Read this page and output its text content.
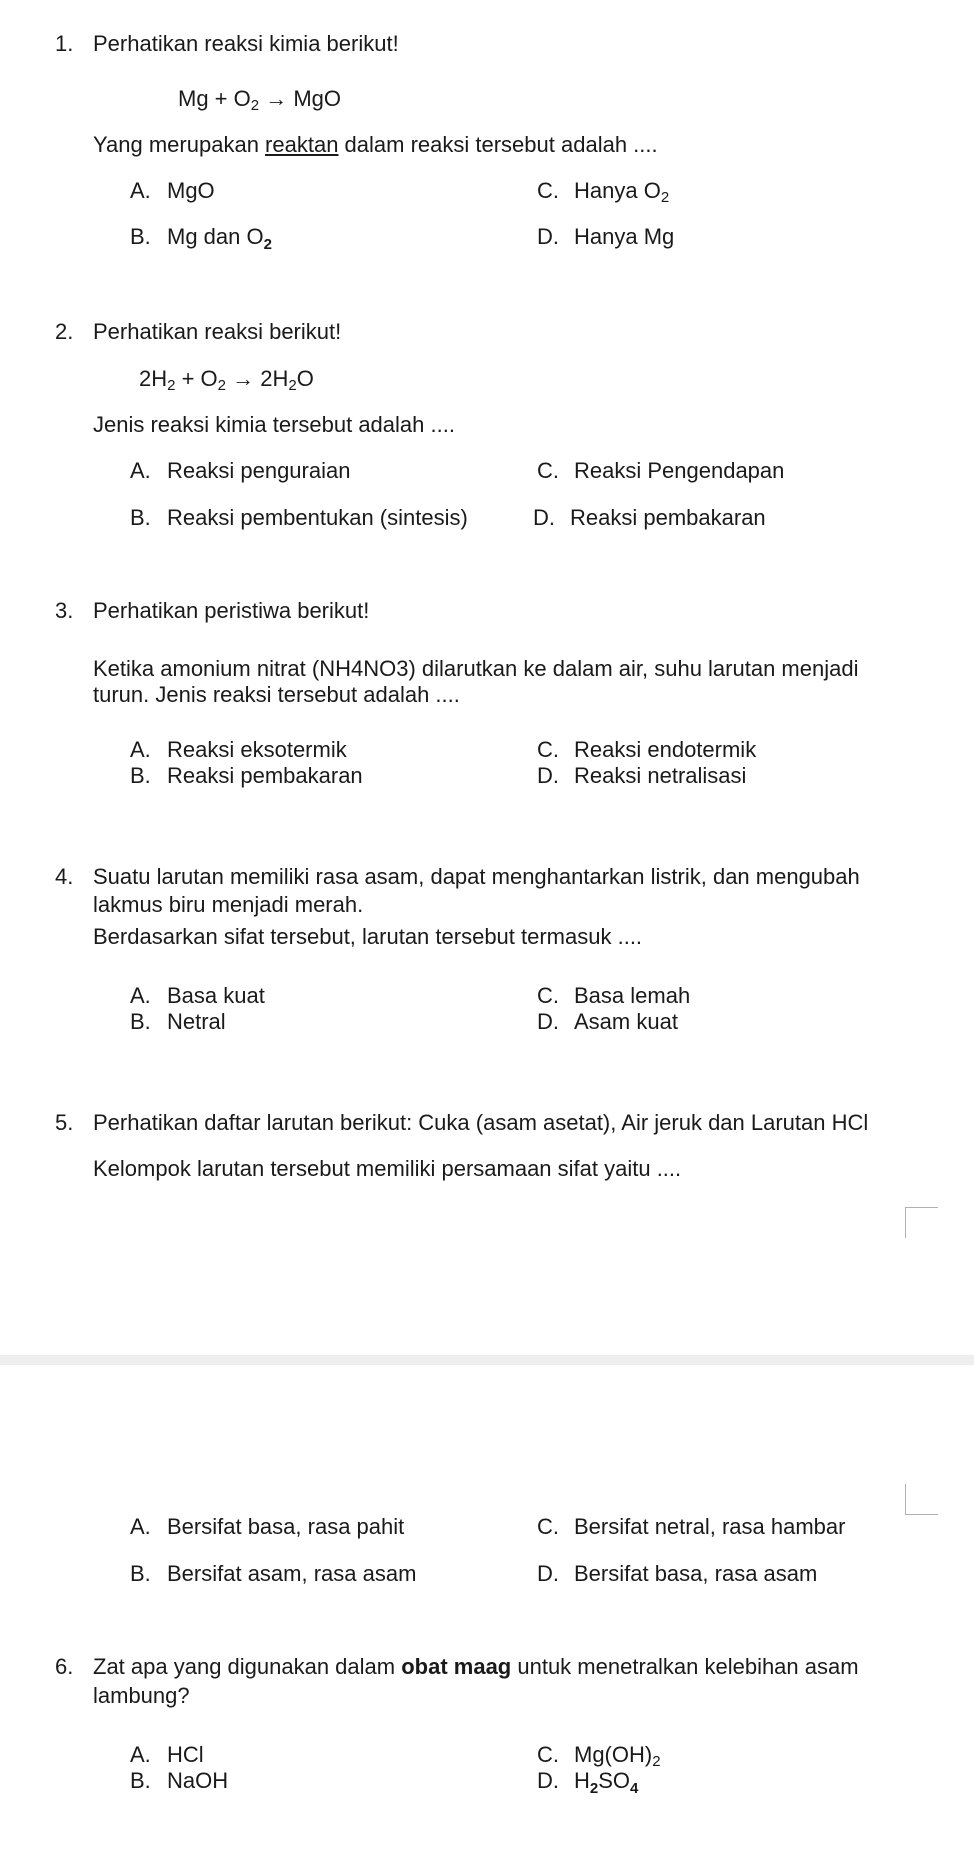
1. Perhatikan reaksi kimia berikut!
$Mg + O_2$ → MgO
Yang merupakan reaktan dalam reaksi tersebut adalah ....
A. MgO	C. Hanya $O_2$
B. Mg dan $O_2$	D. Hanya Mg
2. Perhatikan reaksi berikut!
$2H_2 + O_2 \to 2H_2O$
Jenis reaksi kimia tersebut adalah ....
A. Reaksi penguraian	C. Reaksi Pengendapan
B. Reaksi pembentukan (sintesis)	D. Reaksi pembakaran
3. Perhatikan peristiwa berikut!
Ketika amonium nitrat (NH4NO3) dilarutkan ke dalam air, suhu larutan menjadi
turun. Jenis reaksi tersebut adalah ....
A. Reaksi eksotermik	C. Reaksi endotermik
B. Reaksi pembakaran	D. Reaksi netralisasi
4. Suatu larutan memiliki rasa asam, dapat menghantarkan listrik, dan mengubah
lakmus biru menjadi merah.
Berdasarkan sifat tersebut, larutan tersebut termasuk ....
A. Basa kuat	C. Basa lemah
B. Netral	D. Asam kuat
5. Perhatikan daftar larutan berikut: Cuka (asam asetat), Air jeruk dan Larutan HCl
Kelompok larutan tersebut memiliki persamaan sifat yaitu ....
A. Bersifat basa, rasa pahit	C. Bersifat netral, rasa hambar
B. Bersifat asam, rasa asam	D. Bersifat basa, rasa asam
6. Zat apa yang digunakan dalam obat maag untuk menetralkan kelebihan asam
lambung?
A. HCl	C. $Mg(OH)_2$
B. NaOH	D. $H_2SO_4$
